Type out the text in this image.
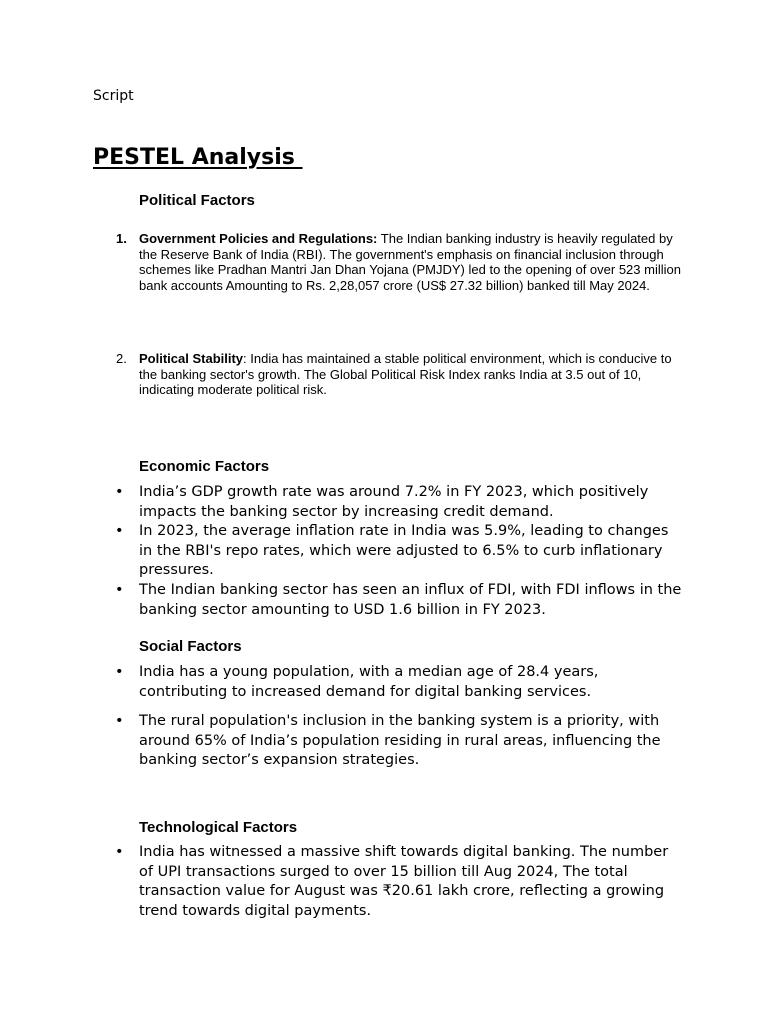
Script
PESTEL Analysis
Political Factors
1. Government Policies and Regulations: The Indian banking industry is heavily regulated by the Reserve Bank of India (RBI). The government's emphasis on financial inclusion through schemes like Pradhan Mantri Jan Dhan Yojana (PMJDY) led to the opening of over 523 million bank accounts Amounting to Rs. 2,28,057 crore (US$ 27.32 billion) banked till May 2024.
2. Political Stability: India has maintained a stable political environment, which is conducive to the banking sector's growth. The Global Political Risk Index ranks India at 3.5 out of 10, indicating moderate political risk.
Economic Factors
• India’s GDP growth rate was around 7.2% in FY 2023, which positively impacts the banking sector by increasing credit demand.
• In 2023, the average inflation rate in India was 5.9%, leading to changes in the RBI's repo rates, which were adjusted to 6.5% to curb inflationary pressures.
• The Indian banking sector has seen an influx of FDI, with FDI inflows in the banking sector amounting to USD 1.6 billion in FY 2023.
Social Factors
• India has a young population, with a median age of 28.4 years, contributing to increased demand for digital banking services.
• The rural population's inclusion in the banking system is a priority, with around 65% of India’s population residing in rural areas, influencing the banking sector’s expansion strategies.
Technological Factors
• India has witnessed a massive shift towards digital banking. The number of UPI transactions surged to over 15 billion till Aug 2024, The total transaction value for August was ₹20.61 lakh crore, reflecting a growing trend towards digital payments.
